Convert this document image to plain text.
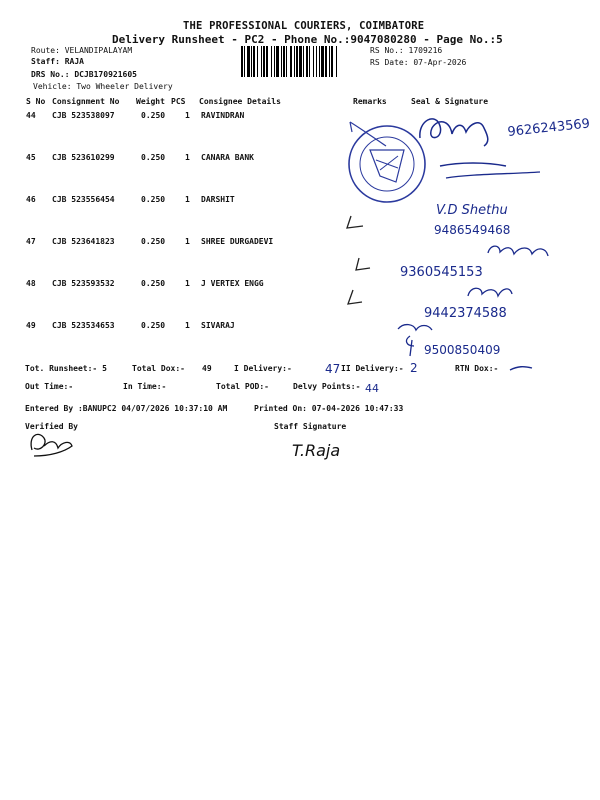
THE PROFESSIONAL COURIERS, COIMBATORE
Delivery Runsheet - PC2 - Phone No.:9047080280 - Page No.:5
Route: VELANDIPALAYAM
Staff: RAJA
DRS No.: DCJB170921605
Vehicle: Two Wheeler Delivery
RS No.: 1709216
RS Date: 07-Apr-2026
S No Consignment No Weight PCS Consignee Details	Remarks	Seal & Signature
44 CJB 523538097	0.250 1 RAVINDRAN
45 CJB 523610299	0.250 1 CANARA BANK
46 CJB 523556454	0.250 1 DARSHIT
47 CJB 523641823	0.250 1 SHREE DURGADEVI
48 CJB 523593532	0.250 1 J VERTEX ENGG
49 CJB 523534653	0.250 1 SIVARAJ
9626243569
V.D Shethu
9486549468
9360545153
9442374588
9500850409
47	2
44
T.Raja
Tot. Runsheet:- 5	Total Dox:- 49	I Delivery:-	II Delivery:-	RTN Dox:-
Out Time:-	In Time:-	Total POD:-	Delvy Points:-
Entered By :BANUPC2 04/07/2026 10:37:10 AM	Printed On: 07-04-2026 10:47:33
Verified By	Staff Signature
